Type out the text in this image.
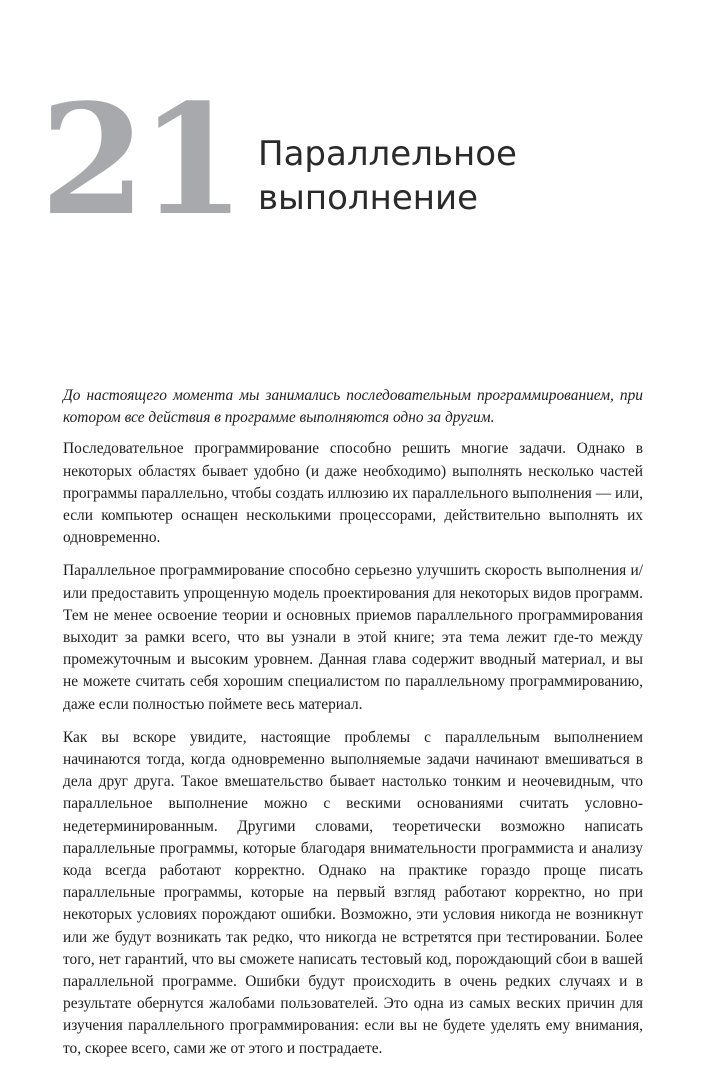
21 Параллельное
выполнение

До настоящего момента мы занимались последовательным программированием, при котором все действия в программе выполняются одно за другим.

Последовательное программирование способно решить многие задачи. Однако в некоторых областях бывает удобно (и даже необходимо) выполнять несколько частей программы параллельно, чтобы создать иллюзию их параллельного выполнения — или, если компьютер оснащен несколькими процессорами, действительно выполнять их одновременно.

Параллельное программирование способно серьезно улучшить скорость выполнения и/или предоставить упрощенную модель проектирования для некоторых видов программ. Тем не менее освоение теории и основных приемов параллельного программирования выходит за рамки всего, что вы узнали в этой книге; эта тема лежит где-то между промежуточным и высоким уровнем. Данная глава содержит вводный материал, и вы не можете считать себя хорошим специалистом по параллельному программированию, даже если полностью поймете весь материал.

Как вы вскоре увидите, настоящие проблемы с параллельным выполнением начинаются тогда, когда одновременно выполняемые задачи начинают вмешиваться в дела друг друга. Такое вмешательство бывает настолько тонким и неочевидным, что параллельное выполнение можно с вескими основаниями считать условно-недетерминированным. Другими словами, теоретически возможно написать параллельные программы, которые благодаря внимательности программиста и анализу кода всегда работают корректно. Однако на практике гораздо проще писать параллельные программы, которые на первый взгляд работают корректно, но при некоторых условиях порождают ошибки. Возможно, эти условия никогда не возникнут или же будут возникать так редко, что никогда не встретятся при тестировании. Более того, нет гарантий, что вы сможете написать тестовый код, порождающий сбои в вашей параллельной программе. Ошибки будут происходить в очень редких случаях и в результате обернутся жалобами пользователей. Это одна из самых веских причин для изучения параллельного программирования: если вы не будете уделять ему внимания, то, скорее всего, сами же от этого и пострадаете.
